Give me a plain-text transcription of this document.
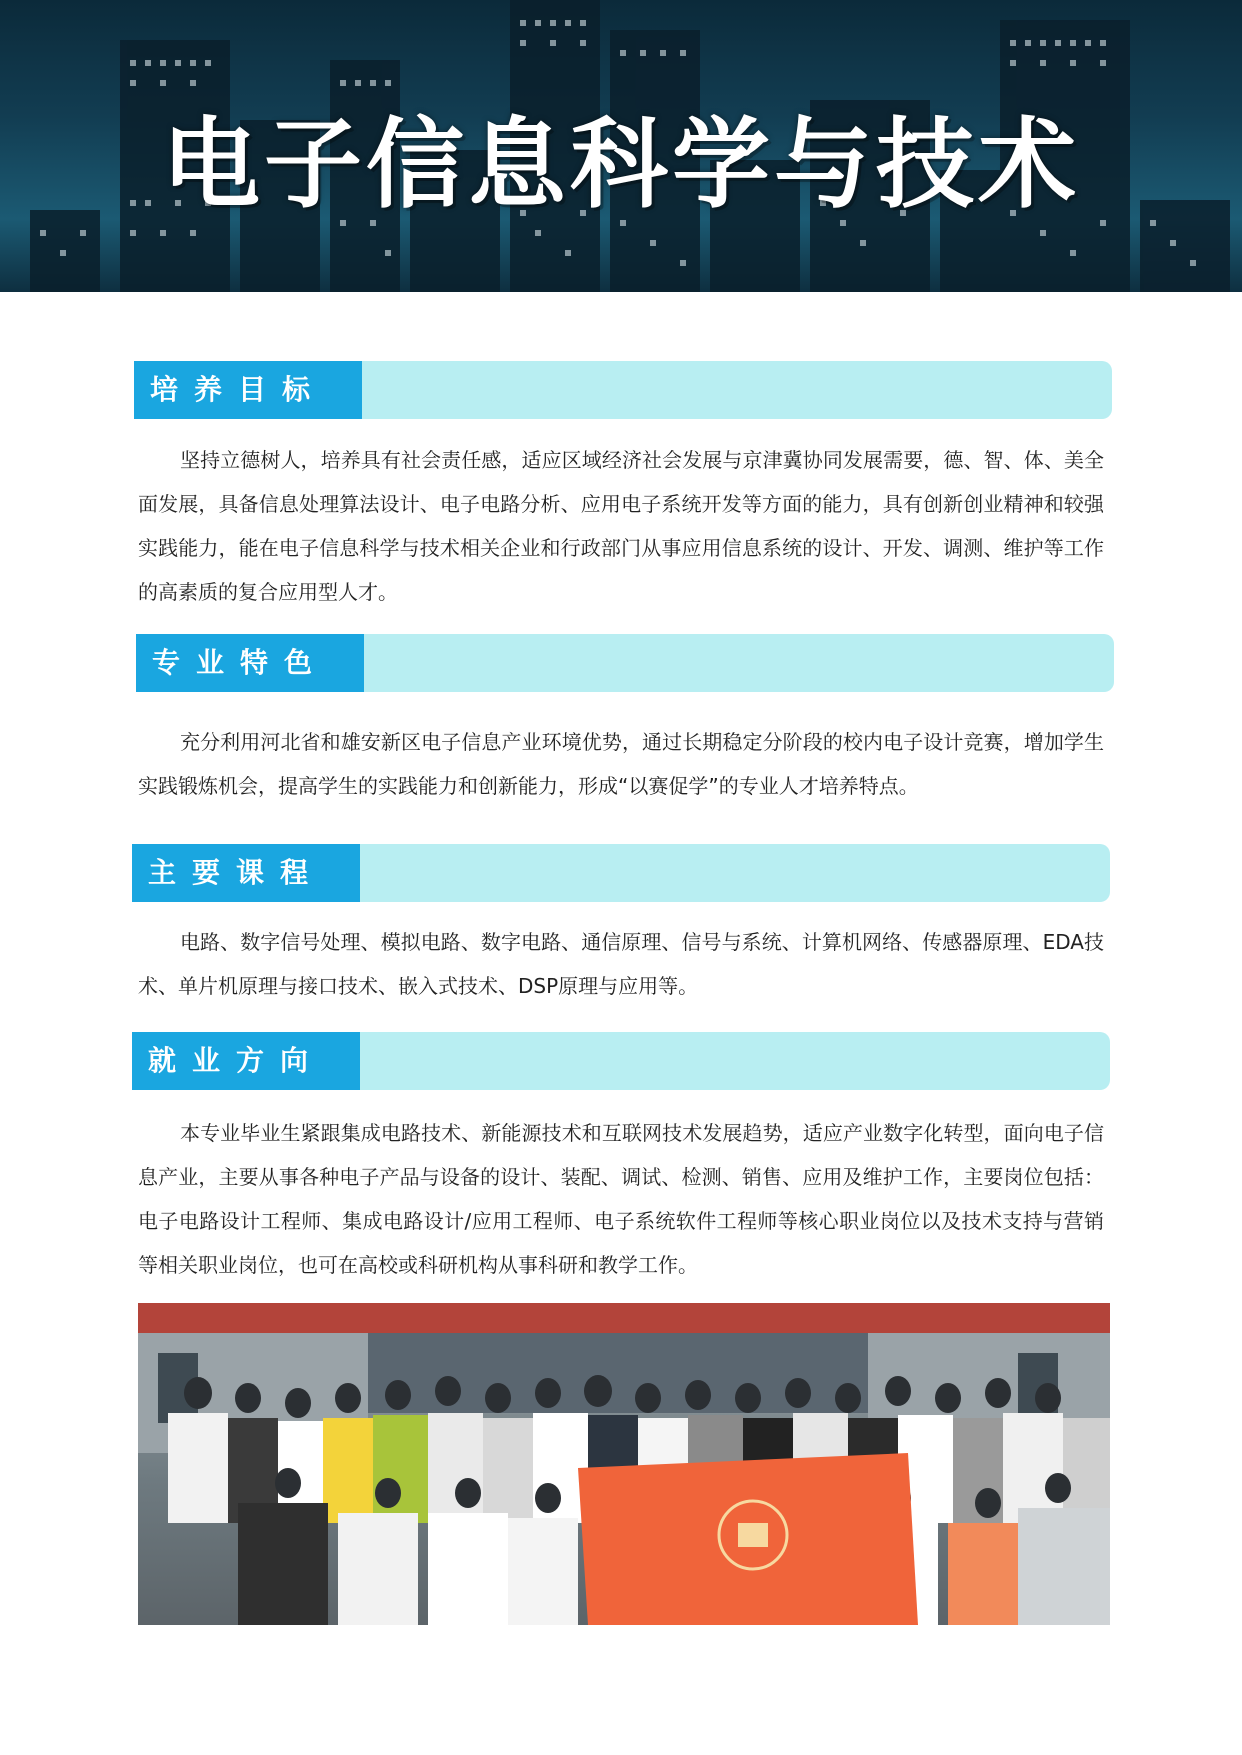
电子信息科学与技术
培养目标
坚持立德树人，培养具有社会责任感，适应区域经济社会发展与京津冀协同发展需要，德、智、体、美全面发展，具备信息处理算法设计、电子电路分析、应用电子系统开发等方面的能力，具有创新创业精神和较强实践能力，能在电子信息科学与技术相关企业和行政部门从事应用信息系统的设计、开发、调测、维护等工作的高素质的复合应用型人才。
专业特色
充分利用河北省和雄安新区电子信息产业环境优势，通过长期稳定分阶段的校内电子设计竞赛，增加学生实践锻炼机会，提高学生的实践能力和创新能力，形成“以赛促学”的专业人才培养特点。
主要课程
电路、数字信号处理、模拟电路、数字电路、通信原理、信号与系统、计算机网络、传感器原理、EDA技术、单片机原理与接口技术、嵌入式技术、DSP原理与应用等。
就业方向
本专业毕业生紧跟集成电路技术、新能源技术和互联网技术发展趋势，适应产业数字化转型，面向电子信息产业，主要从事各种电子产品与设备的设计、装配、调试、检测、销售、应用及维护工作，主要岗位包括：电子电路设计工程师、集成电路设计/应用工程师、电子系统软件工程师等核心职业岗位以及技术支持与营销等相关职业岗位，也可在高校或科研机构从事科研和教学工作。
